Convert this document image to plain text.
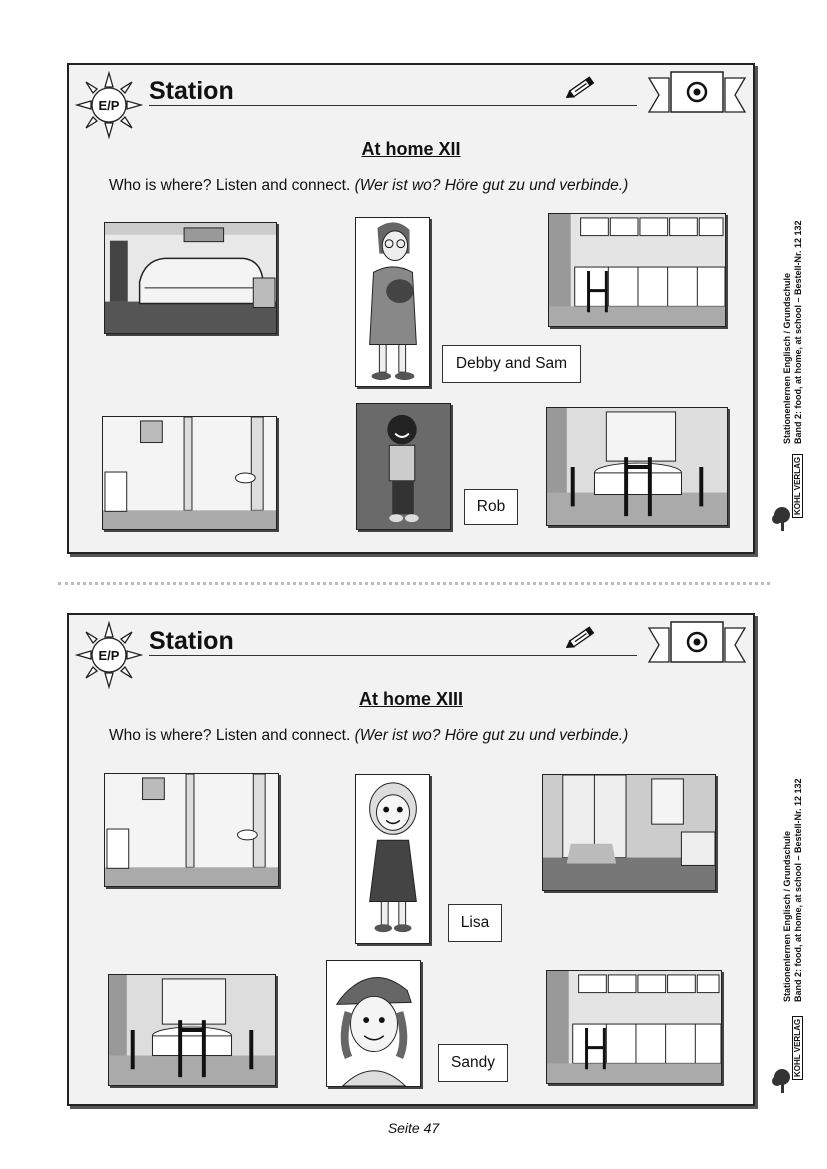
E/P
Station
At home XII
Who is where? Listen and connect. (Wer ist wo? Höre gut zu und verbinde.)
Debby and Sam
Rob
E/P
Station
At home XIII
Who is where? Listen and connect. (Wer ist wo? Höre gut zu und verbinde.)
Lisa
Sandy
Stationenlernen Englisch / Grundschule Band 2: food, at home, at school – Bestell-Nr. 12 132
KOHL VERLAG
Stationenlernen Englisch / Grundschule Band 2: food, at home, at school – Bestell-Nr. 12 132
KOHL VERLAG
Seite 47
